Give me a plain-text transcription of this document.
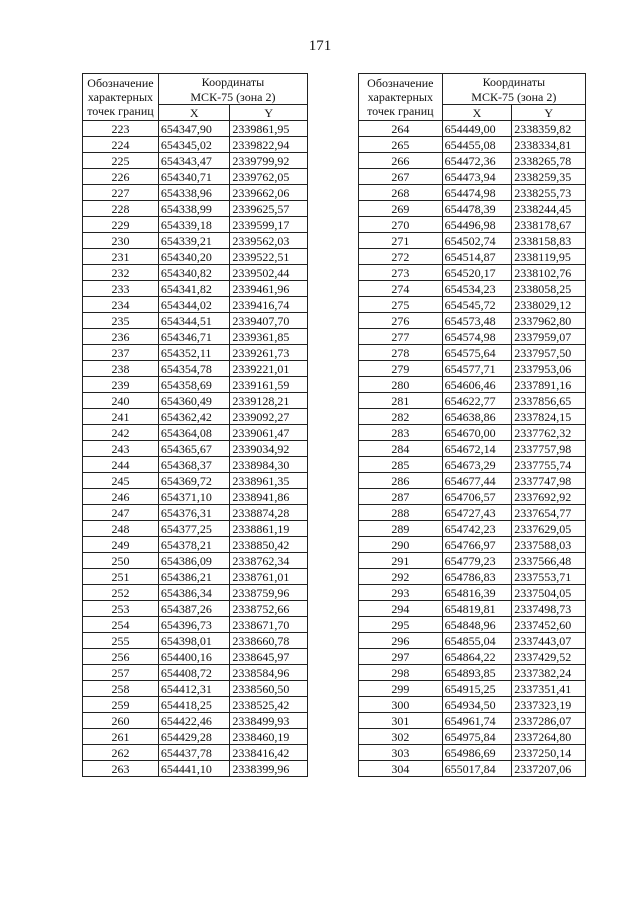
171
Обозначение
характерных
точек границ	Координаты	
	МСК-75 (зона 2)	
	X	Y
223	654347,90	2339861,95
224	654345,02	2339822,94
225	654343,47	2339799,92
226	654340,71	2339762,05
227	654338,96	2339662,06
228	654338,99	2339625,57
229	654339,18	2339599,17
230	654339,21	2339562,03
231	654340,20	2339522,51
232	654340,82	2339502,44
233	654341,82	2339461,96
234	654344,02	2339416,74
235	654344,51	2339407,70
236	654346,71	2339361,85
237	654352,11	2339261,73
238	654354,78	2339221,01
239	654358,69	2339161,59
240	654360,49	2339128,21
241	654362,42	2339092,27
242	654364,08	2339061,47
243	654365,67	2339034,92
244	654368,37	2338984,30
245	654369,72	2338961,35
246	654371,10	2338941,86
247	654376,31	2338874,28
248	654377,25	2338861,19
249	654378,21	2338850,42
250	654386,09	2338762,34
251	654386,21	2338761,01
252	654386,34	2338759,96
253	654387,26	2338752,66
254	654396,73	2338671,70
255	654398,01	2338660,78
256	654400,16	2338645,97
257	654408,72	2338584,96
258	654412,31	2338560,50
259	654418,25	2338525,42
260	654422,46	2338499,93
261	654429,28	2338460,19
262	654437,78	2338416,42
263	654441,10	2338399,96
Обозначение
характерных
точек границ	Координаты	
	МСК-75 (зона 2)	
	X	Y
264	654449,00	2338359,82
265	654455,08	2338334,81
266	654472,36	2338265,78
267	654473,94	2338259,35
268	654474,98	2338255,73
269	654478,39	2338244,45
270	654496,98	2338178,67
271	654502,74	2338158,83
272	654514,87	2338119,95
273	654520,17	2338102,76
274	654534,23	2338058,25
275	654545,72	2338029,12
276	654573,48	2337962,80
277	654574,98	2337959,07
278	654575,64	2337957,50
279	654577,71	2337953,06
280	654606,46	2337891,16
281	654622,77	2337856,65
282	654638,86	2337824,15
283	654670,00	2337762,32
284	654672,14	2337757,98
285	654673,29	2337755,74
286	654677,44	2337747,98
287	654706,57	2337692,92
288	654727,43	2337654,77
289	654742,23	2337629,05
290	654766,97	2337588,03
291	654779,23	2337566,48
292	654786,83	2337553,71
293	654816,39	2337504,05
294	654819,81	2337498,73
295	654848,96	2337452,60
296	654855,04	2337443,07
297	654864,22	2337429,52
298	654893,85	2337382,24
299	654915,25	2337351,41
300	654934,50	2337323,19
301	654961,74	2337286,07
302	654975,84	2337264,80
303	654986,69	2337250,14
304	655017,84	2337207,06
